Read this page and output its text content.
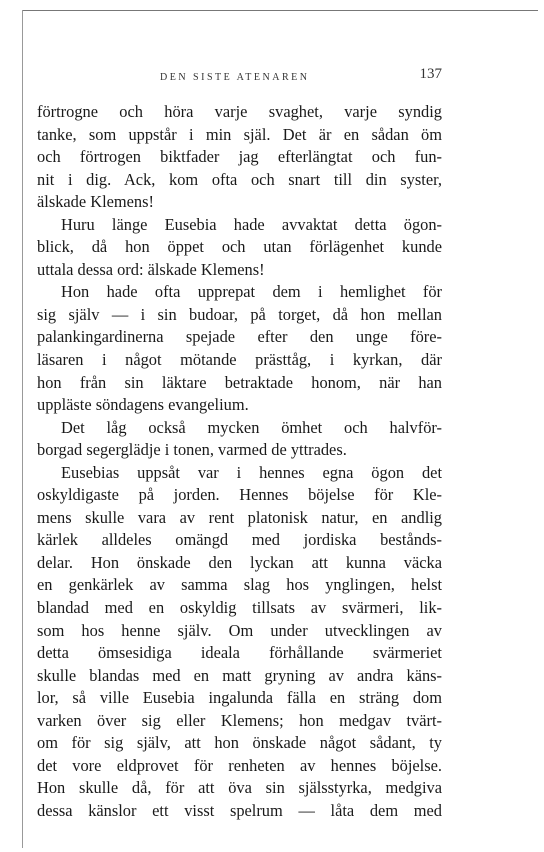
DEN SISTE ATENAREN	137
förtrogne och höra varje svaghet, varje syndig
tanke, som uppstår i min själ. Det är en sådan öm
och förtrogen biktfader jag efterlängtat och fun-
nit i dig. Ack, kom ofta och snart till din syster,
älskade Klemens!
Huru länge Eusebia hade avvaktat detta ögon-
blick, då hon öppet och utan förlägenhet kunde
uttala dessa ord: älskade Klemens!
Hon hade ofta upprepat dem i hemlighet för
sig själv — i sin budoar, på torget, då hon mellan
palankingardinerna spejade efter den unge före-
läsaren i något mötande prästtåg, i kyrkan, där
hon från sin läktare betraktade honom, när han
uppläste söndagens evangelium.
Det låg också mycken ömhet och halvför-
borgad segerglädje i tonen, varmed de yttrades.
Eusebias uppsåt var i hennes egna ögon det
oskyldigaste på jorden. Hennes böjelse för Kle-
mens skulle vara av rent platonisk natur, en andlig
kärlek alldeles omängd med jordiska bestånds-
delar. Hon önskade den lyckan att kunna väcka
en genkärlek av samma slag hos ynglingen, helst
blandad med en oskyldig tillsats av svärmeri, lik-
som hos henne själv. Om under utvecklingen av
detta ömsesidiga ideala förhållande svärmeriet
skulle blandas med en matt gryning av andra käns-
lor, så ville Eusebia ingalunda fälla en sträng dom
varken över sig eller Klemens; hon medgav tvärt-
om för sig själv, att hon önskade något sådant, ty
det vore eldprovet för renheten av hennes böjelse.
Hon skulle då, för att öva sin själsstyrka, medgiva
dessa känslor ett visst spelrum — låta dem med
